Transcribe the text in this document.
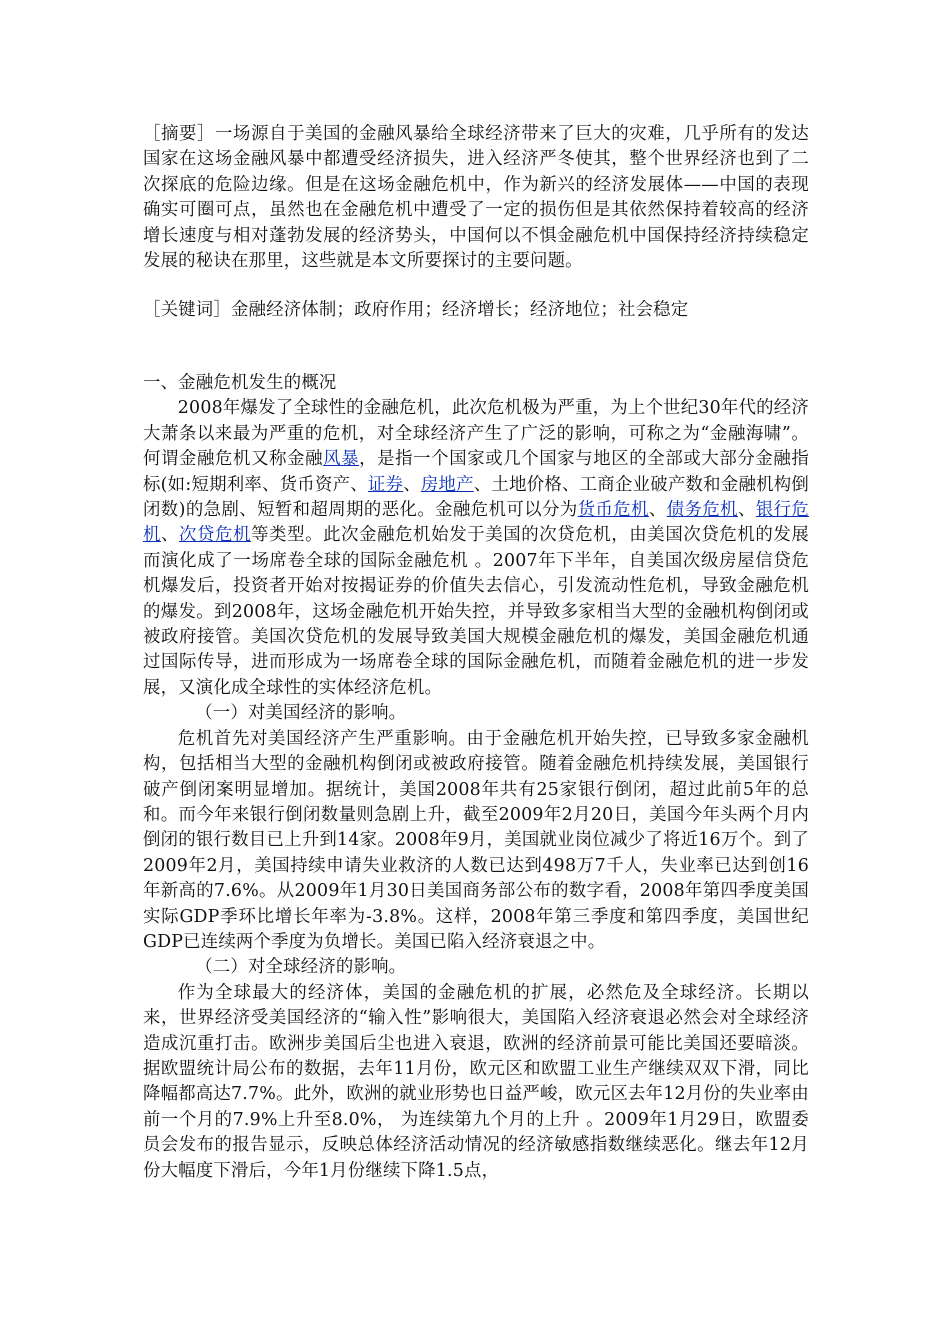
［摘要］一场源自于美国的金融风暴给全球经济带来了巨大的灾难，几乎所有的发达国家在这场金融风暴中都遭受经济损失，进入经济严冬使其，整个世界经济也到了二次探底的危险边缘。但是在这场金融危机中，作为新兴的经济发展体——中国的表现确实可圈可点，虽然也在金融危机中遭受了一定的损伤但是其依然保持着较高的经济增长速度与相对蓬勃发展的经济势头，中国何以不惧金融危机中国保持经济持续稳定发展的秘诀在那里，这些就是本文所要探讨的主要问题。

［关键词］金融经济体制；政府作用；经济增长；经济地位；社会稳定

一、金融危机发生的概况

2008年爆发了全球性的金融危机，此次危机极为严重，为上个世纪30年代的经济大萧条以来最为严重的危机，对全球经济产生了广泛的影响，可称之为“金融海啸”。何谓金融危机又称金融风暴，是指一个国家或几个国家与地区的全部或大部分金融指标(如:短期利率、货币资产、证券、房地产、土地价格、工商企业破产数和金融机构倒闭数)的急剧、短暂和超周期的恶化。金融危机可以分为货币危机、债务危机、银行危机、次贷危机等类型。此次金融危机始发于美国的次贷危机，由美国次贷危机的发展而演化成了一场席卷全球的国际金融危机 。2007年下半年，自美国次级房屋信贷危机爆发后，投资者开始对按揭证券的价值失去信心，引发流动性危机，导致金融危机的爆发。到2008年，这场金融危机开始失控，并导致多家相当大型的金融机构倒闭或被政府接管。美国次贷危机的发展导致美国大规模金融危机的爆发，美国金融危机通过国际传导，进而形成为一场席卷全球的国际金融危机，而随着金融危机的进一步发展，又演化成全球性的实体经济危机。

（一）对美国经济的影响。

危机首先对美国经济产生严重影响。由于金融危机开始失控，已导致多家金融机构，包括相当大型的金融机构倒闭或被政府接管。随着金融危机持续发展，美国银行破产倒闭案明显增加。据统计，美国2008年共有25家银行倒闭，超过此前5年的总和。而今年来银行倒闭数量则急剧上升，截至2009年2月20日，美国今年头两个月内倒闭的银行数目已上升到14家。2008年9月，美国就业岗位减少了将近16万个。到了2009年2月，美国持续申请失业救济的人数已达到498万7千人，失业率已达到创16年新高的7.6%。从2009年1月30日美国商务部公布的数字看，2008年第四季度美国实际GDP季环比增长年率为-3.8%。这样，2008年第三季度和第四季度，美国世纪GDP已连续两个季度为负增长。美国已陷入经济衰退之中。

（二）对全球经济的影响。

作为全球最大的经济体，美国的金融危机的扩展，必然危及全球经济。长期以来，世界经济受美国经济的“输入性”影响很大，美国陷入经济衰退必然会对全球经济造成沉重打击。欧洲步美国后尘也进入衰退，欧洲的经济前景可能比美国还要暗淡。据欧盟统计局公布的数据，去年11月份，欧元区和欧盟工业生产继续双双下滑，同比降幅都高达7.7%。此外，欧洲的就业形势也日益严峻，欧元区去年12月份的失业率由前一个月的7.9%上升至8.0%， 为连续第九个月的上升 。2009年1月29日，欧盟委员会发布的报告显示，反映总体经济活动情况的经济敏感指数继续恶化。继去年12月份大幅度下滑后，今年1月份继续下降1.5点，
